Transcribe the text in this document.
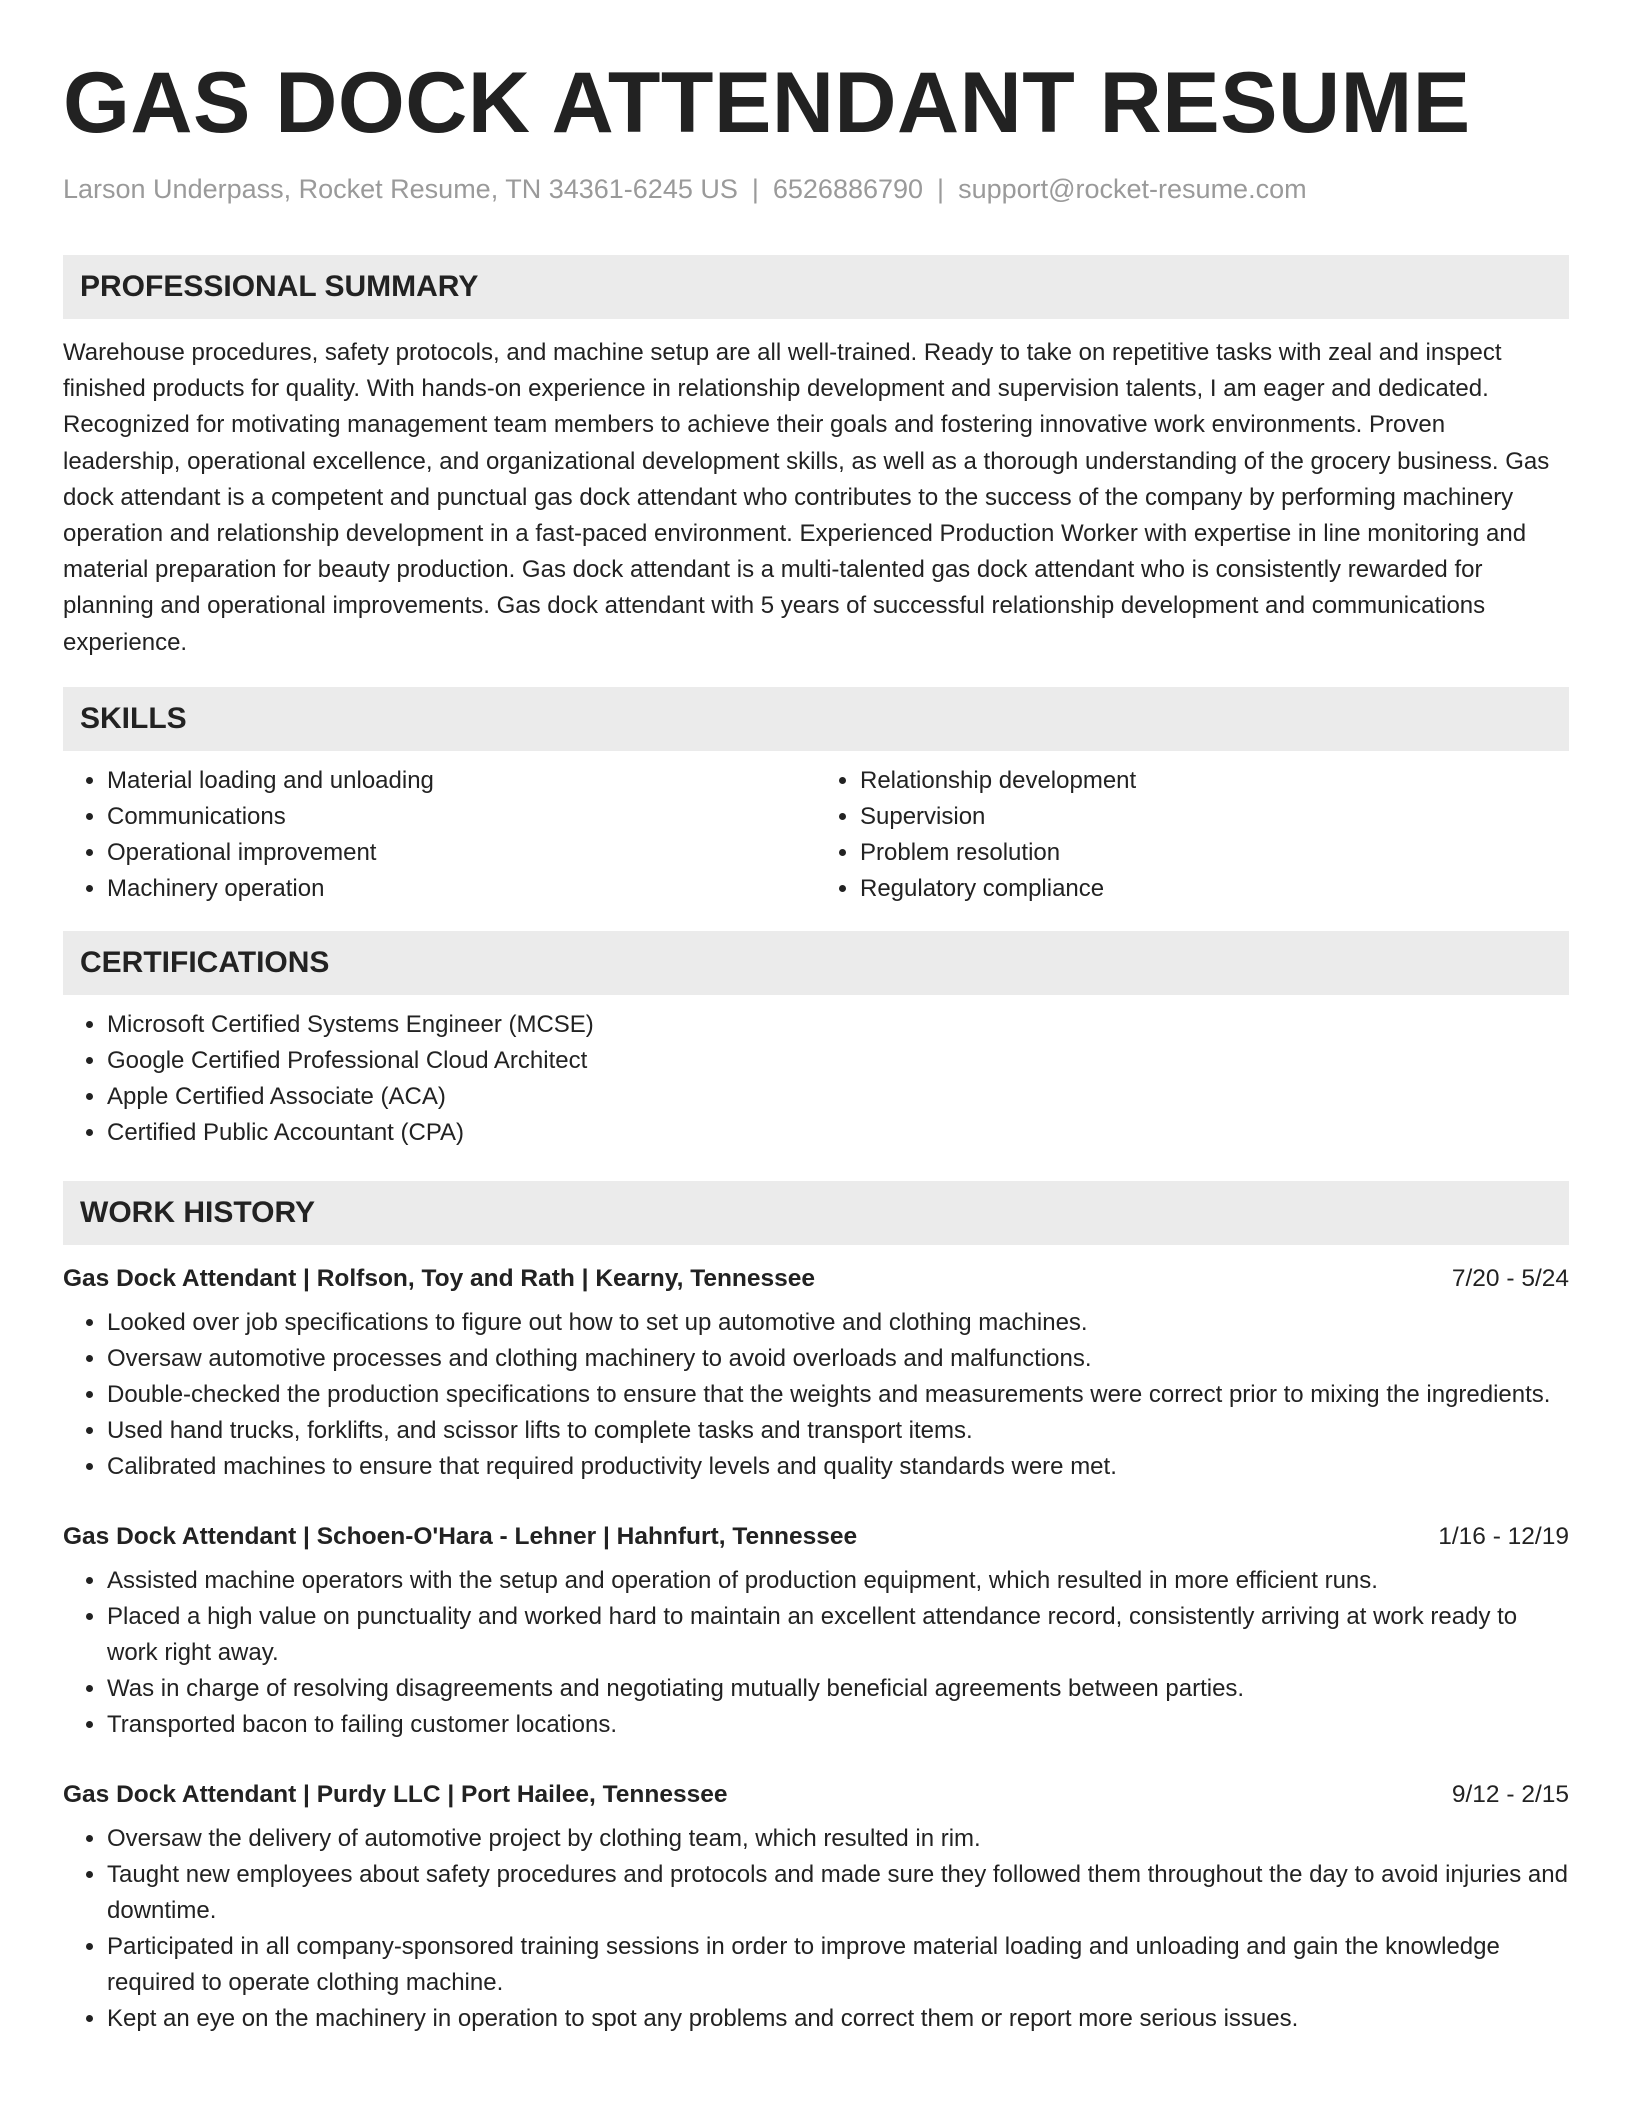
GAS DOCK ATTENDANT RESUME
Larson Underpass, Rocket Resume, TN 34361-6245 US | 6526886790 | support@rocket-resume.com
PROFESSIONAL SUMMARY

Warehouse procedures, safety protocols, and machine setup are all well-trained. Ready to take on repetitive tasks with zeal and inspect finished products for quality. With hands-on experience in relationship development and supervision talents, I am eager and dedicated. Recognized for motivating management team members to achieve their goals and fostering innovative work environments. Proven leadership, operational excellence, and organizational development skills, as well as a thorough understanding of the grocery business. Gas dock attendant is a competent and punctual gas dock attendant who contributes to the success of the company by performing machinery operation and relationship development in a fast-paced environment. Experienced Production Worker with expertise in line monitoring and material preparation for beauty production. Gas dock attendant is a multi-talented gas dock attendant who is consistently rewarded for planning and operational improvements. Gas dock attendant with 5 years of successful relationship development and communications experience.

SKILLS
• Material loading and unloading
• Communications
• Operational improvement
• Machinery operation
• Relationship development
• Supervision
• Problem resolution
• Regulatory compliance
CERTIFICATIONS
• Microsoft Certified Systems Engineer (MCSE)
• Google Certified Professional Cloud Architect
• Apple Certified Associate (ACA)
• Certified Public Accountant (CPA)
WORK HISTORY
Gas Dock Attendant | Rolfson, Toy and Rath | Kearny, Tennessee	7/20 - 5/24
• Looked over job specifications to figure out how to set up automotive and clothing machines.
• Oversaw automotive processes and clothing machinery to avoid overloads and malfunctions.
• Double-checked the production specifications to ensure that the weights and measurements were correct prior to mixing the ingredients.
• Used hand trucks, forklifts, and scissor lifts to complete tasks and transport items.
• Calibrated machines to ensure that required productivity levels and quality standards were met.
Gas Dock Attendant | Schoen-O'Hara - Lehner | Hahnfurt, Tennessee	1/16 - 12/19
• Assisted machine operators with the setup and operation of production equipment, which resulted in more efficient runs.
• Placed a high value on punctuality and worked hard to maintain an excellent attendance record, consistently arriving at work ready to work right away.
• Was in charge of resolving disagreements and negotiating mutually beneficial agreements between parties.
• Transported bacon to failing customer locations.
Gas Dock Attendant | Purdy LLC | Port Hailee, Tennessee	9/12 - 2/15
• Oversaw the delivery of automotive project by clothing team, which resulted in rim.
• Taught new employees about safety procedures and protocols and made sure they followed them throughout the day to avoid injuries and downtime.
• Participated in all company-sponsored training sessions in order to improve material loading and unloading and gain the knowledge required to operate clothing machine.
• Kept an eye on the machinery in operation to spot any problems and correct them or report more serious issues.
